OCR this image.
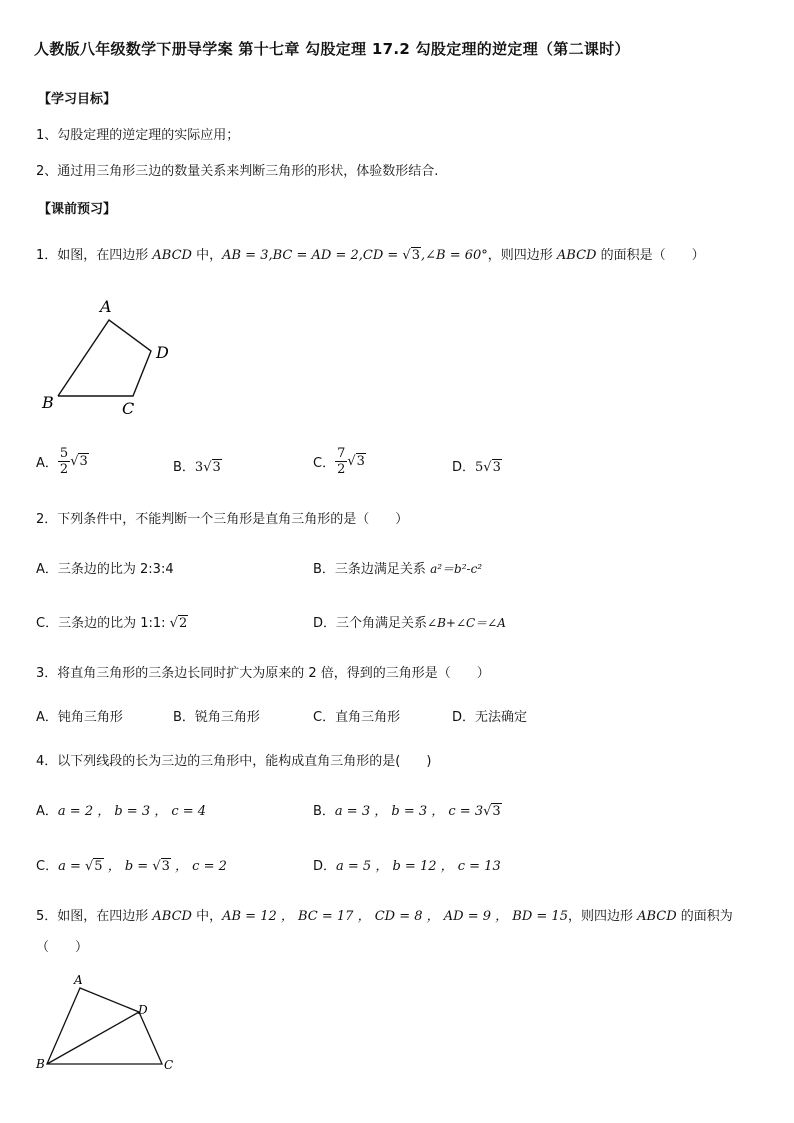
人教版八年级数学下册导学案 第十七章 勾股定理 17.2 勾股定理的逆定理（第二课时）
【学习目标】
1、勾股定理的逆定理的实际应用；
2、通过用三角形三边的数量关系来判断三角形的形状，体验数形结合.
【课前预习】
1．如图，在四边形 ABCD 中，AB = 3,BC = AD = 2,CD = √3,∠B = 60°，则四边形 ABCD 的面积是（　　）
A
D
B	C
A． $\frac{5}{2} √3$	B．3√3	C． $\frac{7}{2} √3$	D．5√3
2．下列条件中，不能判断一个三角形是直角三角形的是（　　）
A．三条边的比为 2:3:4	B．三条边满足关系 a²＝b²-c²
C．三条边的比为 1:1: √2	D．三个角满足关系∠B+∠C＝∠A
3．将直角三角形的三条边长同时扩大为原来的 2 倍，得到的三角形是（　　）
A．钝角三角形	B．锐角三角形	C．直角三角形	D．无法确定
4．以下列线段的长为三边的三角形中，能构成直角三角形的是(　　)
A．a = 2 ， b = 3 ， c = 4	B．a = 3 ， b = 3 ， c = 3√3
C．a = √5 ， b = √3 ， c = 2	D．a = 5 ， b = 12 ， c = 13
5．如图，在四边形 ABCD 中，AB = 12 ， BC = 17 ， CD = 8 ， AD = 9 ， BD = 15，则四边形 ABCD 的面积为
（　　）
A
D
B	C
